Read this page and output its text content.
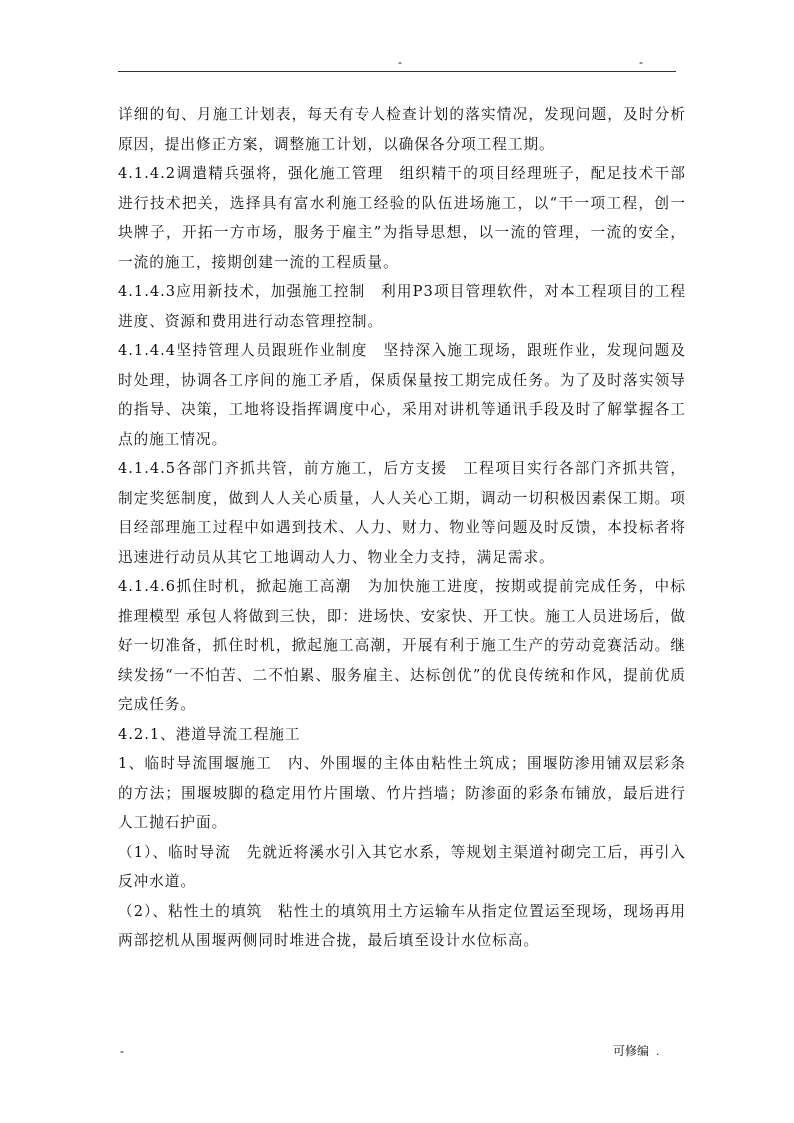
-	-

详细的旬、月施工计划表，每天有专人检查计划的落实情况，发现问题，及时分析原因，提出修正方案，调整施工计划，以确保各分项工程工期。

4.1.4.2调遣精兵强将，强化施工管理　组织精干的项目经理班子，配足技术干部进行技术把关，选择具有富水利施工经验的队伍进场施工，以“干一项工程，创一块牌子，开拓一方市场，服务于雇主”为指导思想，以一流的管理，一流的安全，一流的施工，接期创建一流的工程质量。

4.1.4.3应用新技术，加强施工控制　利用P3项目管理软件，对本工程项目的工程进度、资源和费用进行动态管理控制。

4.1.4.4坚持管理人员跟班作业制度　坚持深入施工现场，跟班作业，发现问题及时处理，协调各工序间的施工矛盾，保质保量按工期完成任务。为了及时落实领导的指导、决策，工地将设指挥调度中心，采用对讲机等通讯手段及时了解掌握各工点的施工情况。

4.1.4.5各部门齐抓共管，前方施工，后方支援　工程项目实行各部门齐抓共管，制定奖惩制度，做到人人关心质量，人人关心工期，调动一切积极因素保工期。项目经部理施工过程中如遇到技术、人力、财力、物业等问题及时反馈，本投标者将迅速进行动员从其它工地调动人力、物业全力支持，满足需求。

4.1.4.6抓住时机，掀起施工高潮　为加快施工进度，按期或提前完成任务，中标推理模型 承包人将做到三快，即：进场快、安家快、开工快。施工人员进场后，做好一切准备，抓住时机，掀起施工高潮，开展有利于施工生产的劳动竞赛活动。继续发扬“一不怕苦、二不怕累、服务雇主、达标创优”的优良传统和作风，提前优质完成任务。

4.2.1、港道导流工程施工

1、临时导流围堰施工　内、外围堰的主体由粘性土筑成；围堰防渗用铺双层彩条的方法；围堰坡脚的稳定用竹片围墩、竹片挡墙；防渗面的彩条布铺放，最后进行人工抛石护面。

（1）、临时导流　先就近将溪水引入其它水系，等规划主渠道衬砌完工后，再引入反冲水道。

（2）、粘性土的填筑　粘性土的填筑用土方运输车从指定位置运至现场，现场再用两部挖机从围堰两侧同时堆进合拢，最后填至设计水位标高。

-	可修编 .
